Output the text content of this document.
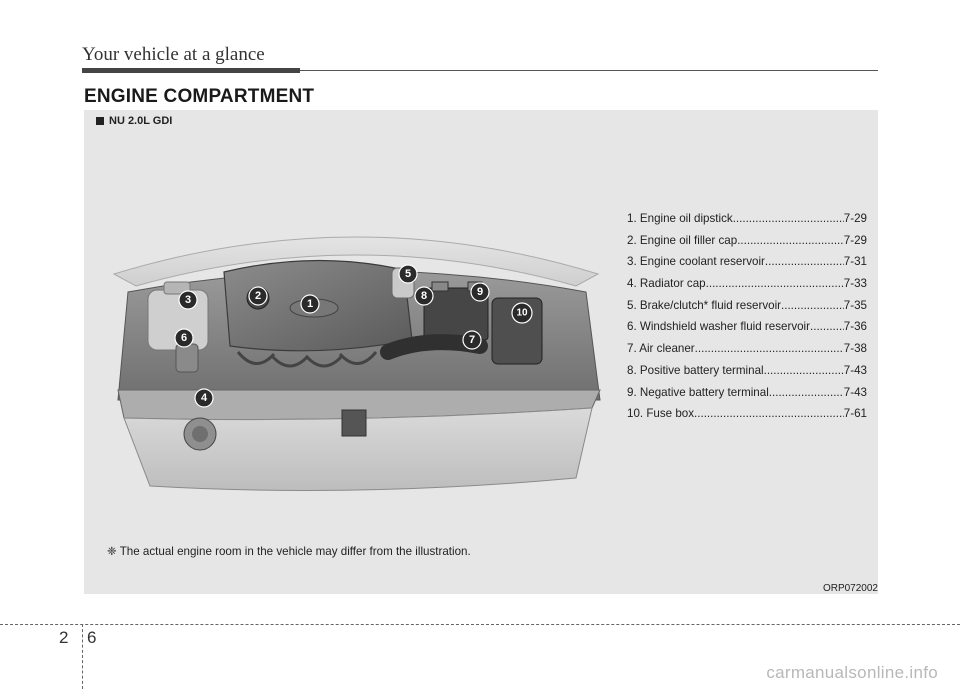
Your vehicle at a glance
ENGINE COMPARTMENT
NU 2.0L GDI
1
2
3
4
5
6	7
8	9
10
1. Engine oil dipstick .....	7-29
2. Engine oil filler cap .....	7-29
3. Engine coolant reservoir .....	7-31
4. Radiator cap .....	7-33
5. Brake/clutch* fluid reservoir .....	7-35
6. Windshield washer fluid reservoir .....	7-36
7. Air cleaner .....	7-38
8. Positive battery terminal .....	7-43
9. Negative battery terminal .....	7-43
10. Fuse box .....	7-61
❈ The actual engine room in the vehicle may differ from the illustration.
ORP072002
2 6
carmanualsonline.info
